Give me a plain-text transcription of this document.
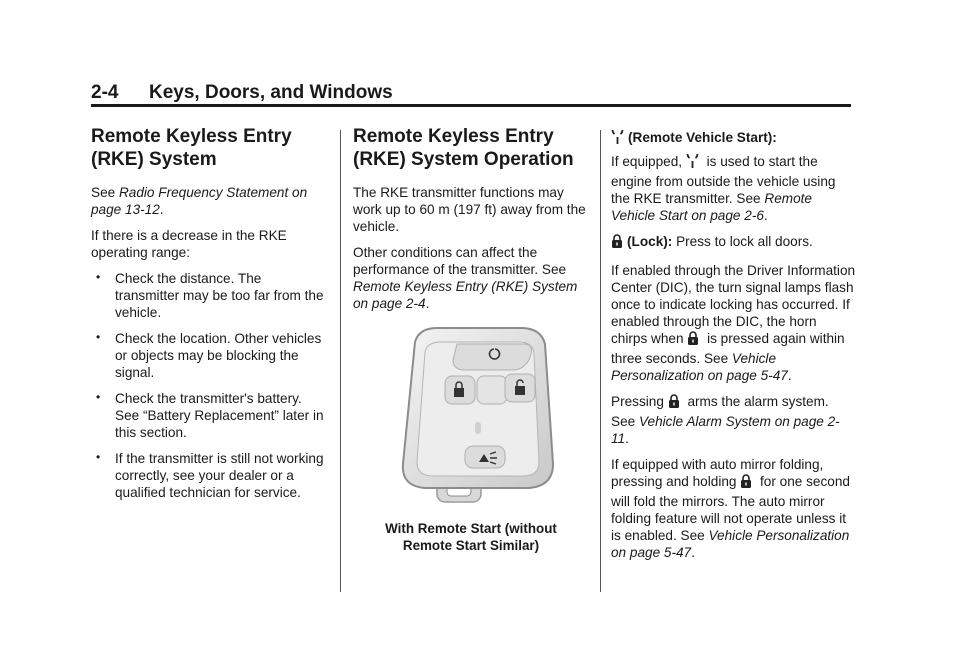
2-4 Keys, Doors, and Windows
Remote Keyless Entry
(RKE) System

See Radio Frequency Statement on page 13-12.

If there is a decrease in the RKE operating range:

• Check the distance. The transmitter may be too far from the vehicle.
• Check the location. Other vehicles or objects may be blocking the signal.
• Check the transmitter's battery. See “Battery Replacement” later in this section.
• If the transmitter is still not working correctly, see your dealer or a qualified technician for service.
Remote Keyless Entry
(RKE) System Operation

The RKE transmitter functions may work up to 60 m (197 ft) away from the vehicle.

Other conditions can affect the performance of the transmitter. See Remote Keyless Entry (RKE) System on page 2-4.

With Remote Start (without
Remote Start Similar)

(Remote Vehicle Start):

If equipped,  is used to start the engine from outside the vehicle using the RKE transmitter. See Remote Vehicle Start on page 2-6.

(Lock): Press to lock all doors.

If enabled through the Driver Information Center (DIC), the turn signal lamps flash once to indicate locking has occurred. If enabled through the DIC, the horn chirps when  is pressed again within three seconds. See Vehicle Personalization on page 5-47.

Pressing  arms the alarm system. See Vehicle Alarm System on page 2-11.

If equipped with auto mirror folding, pressing and holding  for one second will fold the mirrors. The auto mirror folding feature will not operate unless it is enabled. See Vehicle Personalization on page 5-47.
